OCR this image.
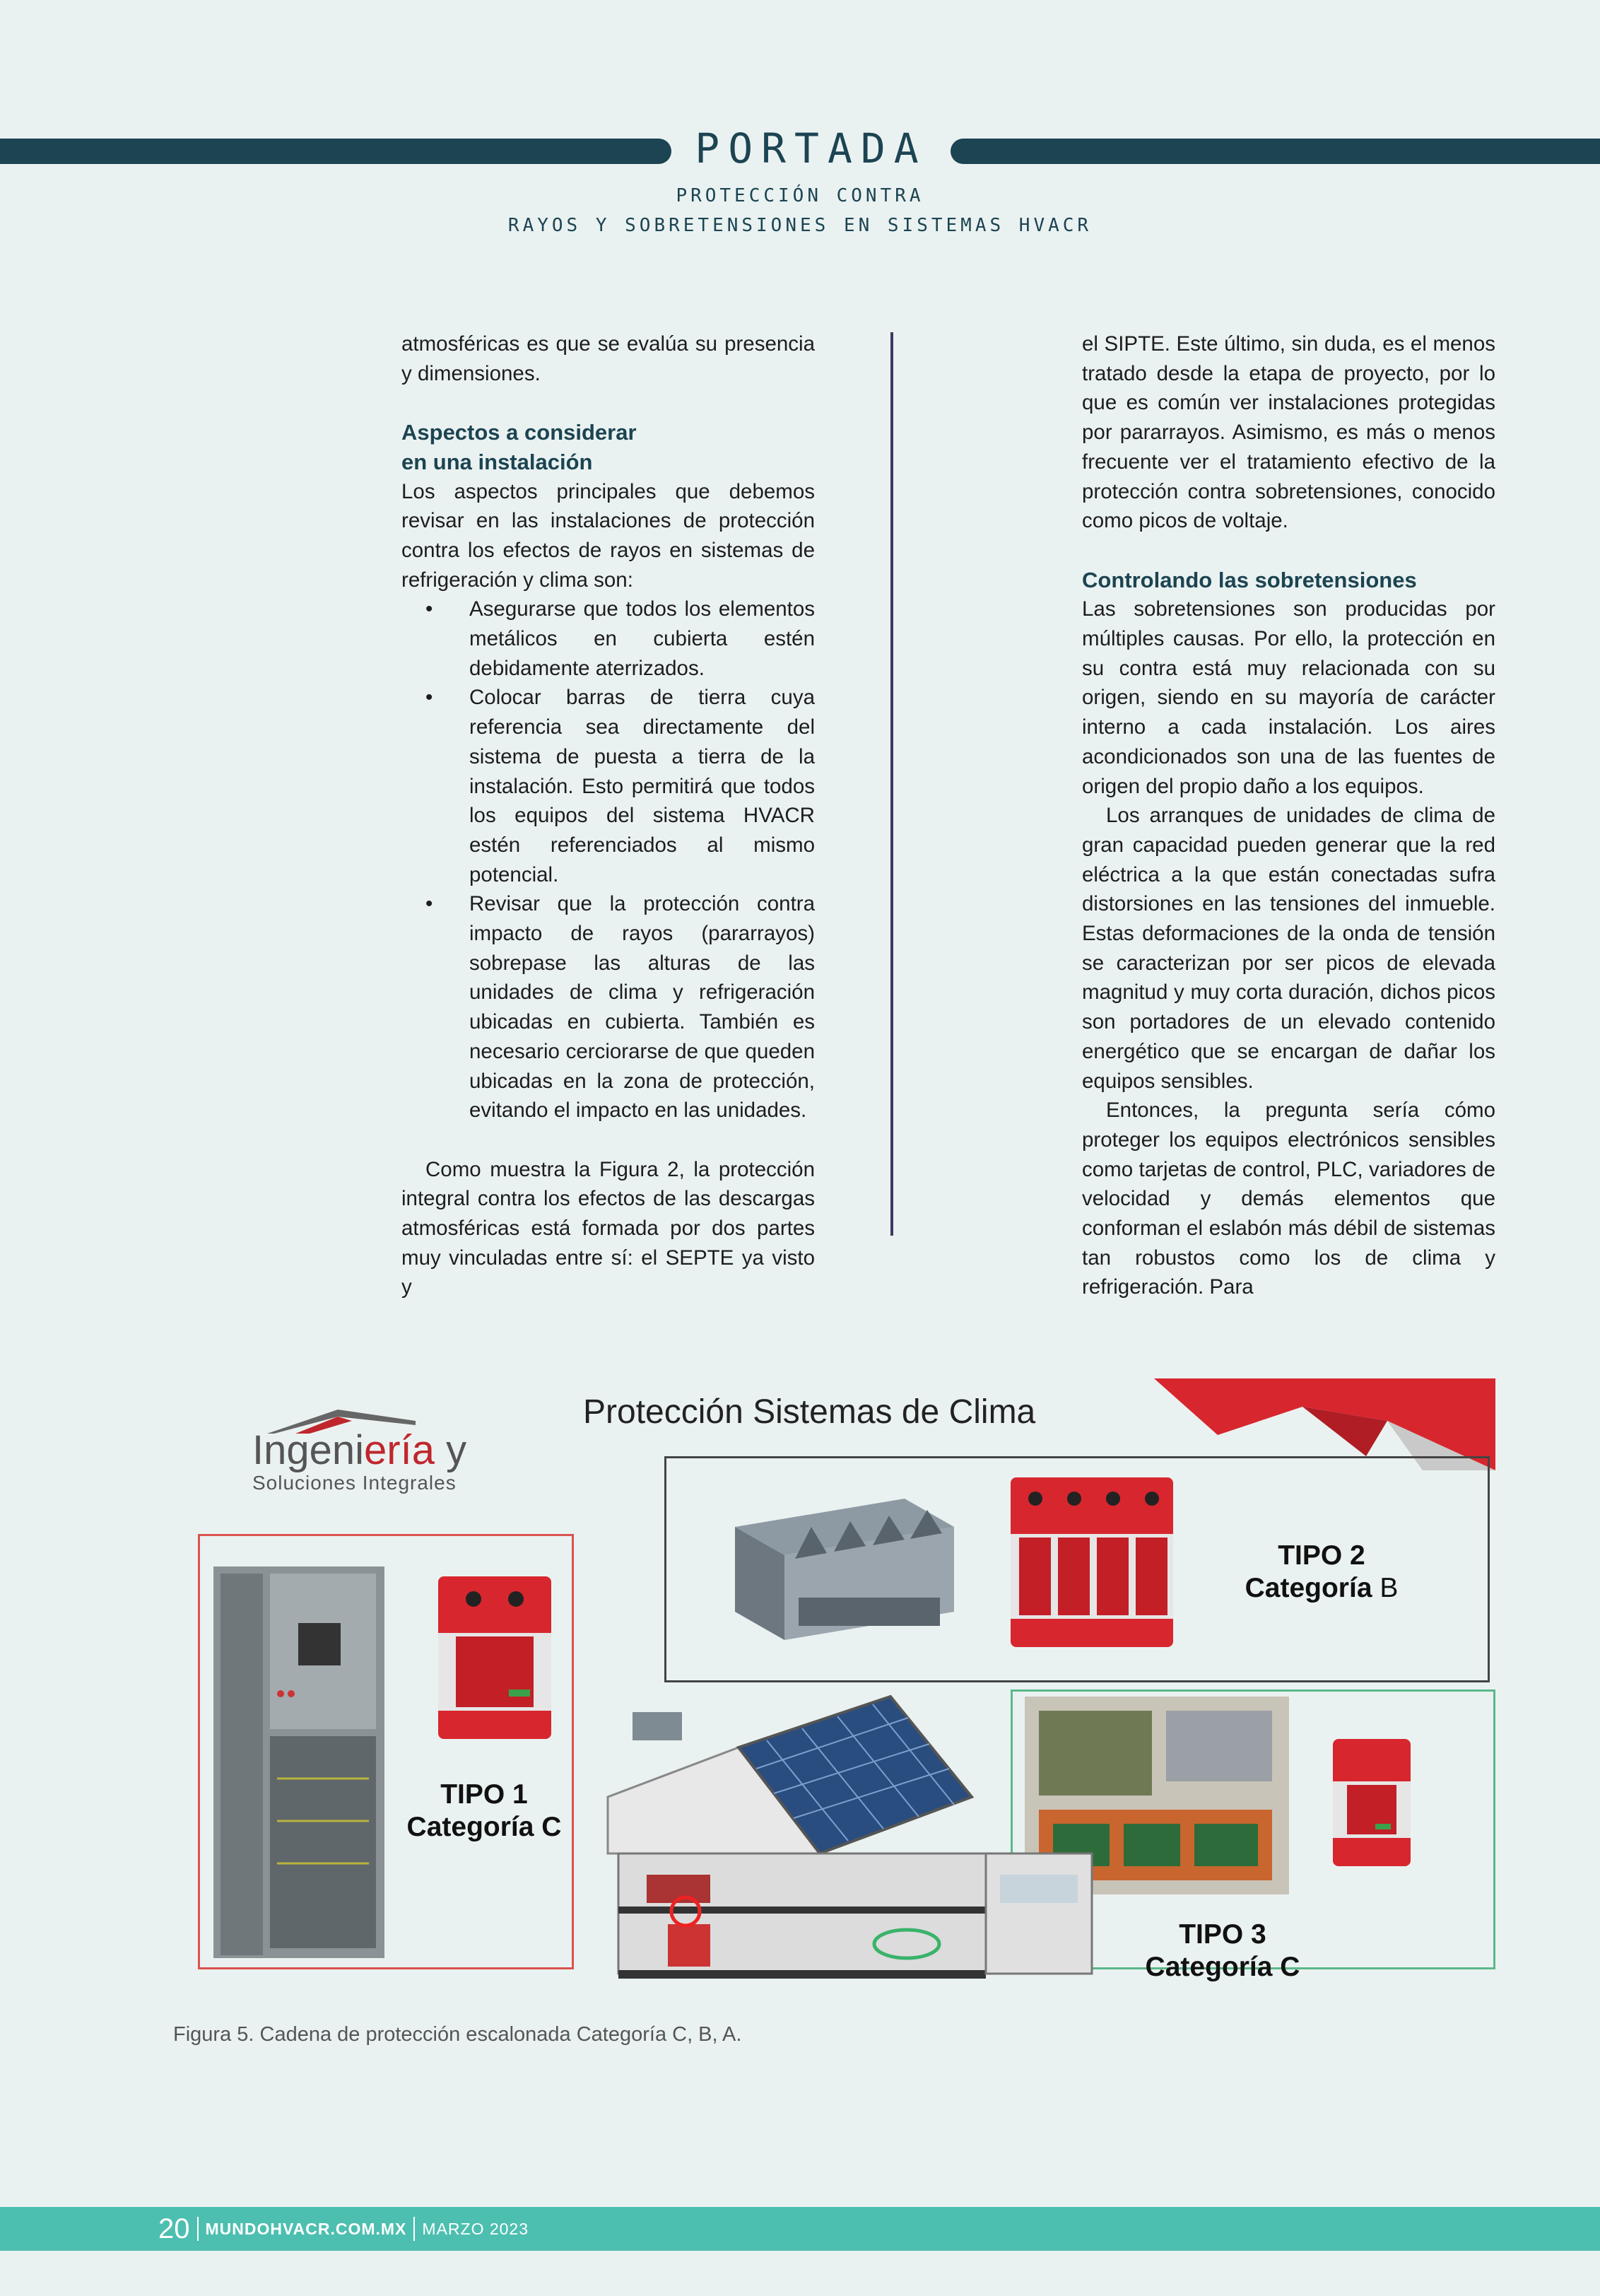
PORTADA
PROTECCIÓN CONTRA
RAYOS Y SOBRETENSIONES EN SISTEMAS HVACR

atmosféricas es que se evalúa su presencia y dimensiones.

Aspectos a considerar
en una instalación

Los aspectos principales que debemos revisar en las instalaciones de protección contra los efectos de rayos en sistemas de refrigeración y clima son:

• Asegurarse que todos los elementos metálicos en cubierta estén debidamente aterrizados.
• Colocar barras de tierra cuya referencia sea directamente del sistema de puesta a tierra de la instalación. Esto permitirá que todos los equipos del sistema HVACR estén referenciados al mismo potencial.
• Revisar que la protección contra impacto de rayos (pararrayos) sobrepase las alturas de las unidades de clima y refrigeración ubicadas en cubierta. También es necesario cerciorarse de que queden ubicadas en la zona de protección, evitando el impacto en las unidades.

Como muestra la Figura 2, la protección integral contra los efectos de las descargas atmosféricas está formada por dos partes muy vinculadas entre sí: el SEPTE ya visto y

el SIPTE. Este último, sin duda, es el menos tratado desde la etapa de proyecto, por lo que es común ver instalaciones protegidas por pararrayos. Asimismo, es más o menos frecuente ver el tratamiento efectivo de la protección contra sobretensiones, conocido como picos de voltaje.

Controlando las sobretensiones

Las sobretensiones son producidas por múltiples causas. Por ello, la protección en su contra está muy relacionada con su origen, siendo en su mayoría de carácter interno a cada instalación. Los aires acondicionados son una de las fuentes de origen del propio daño a los equipos.

Los arranques de unidades de clima de gran capacidad pueden generar que la red eléctrica a la que están conectadas sufra distorsiones en las tensiones del inmueble. Estas deformaciones de la onda de tensión se caracterizan por ser picos de elevada magnitud y muy corta duración, dichos picos son portadores de un elevado contenido energético que se encargan de dañar los equipos sensibles.

Entonces, la pregunta sería cómo proteger los equipos electrónicos sensibles como tarjetas de control, PLC, variadores de velocidad y demás elementos que conforman el eslabón más débil de sistemas tan robustos como los de clima y refrigeración. Para

Protección Sistemas de Clima
Ingeniería y
Soluciones Integrales
TIPO 2
Categoría B
TIPO 1
Categoría C
TIPO 3
Categoría C
Figura 5. Cadena de protección escalonada Categoría C, B, A.
20 MUNDOHVACR.COM.MX MARZO 2023
